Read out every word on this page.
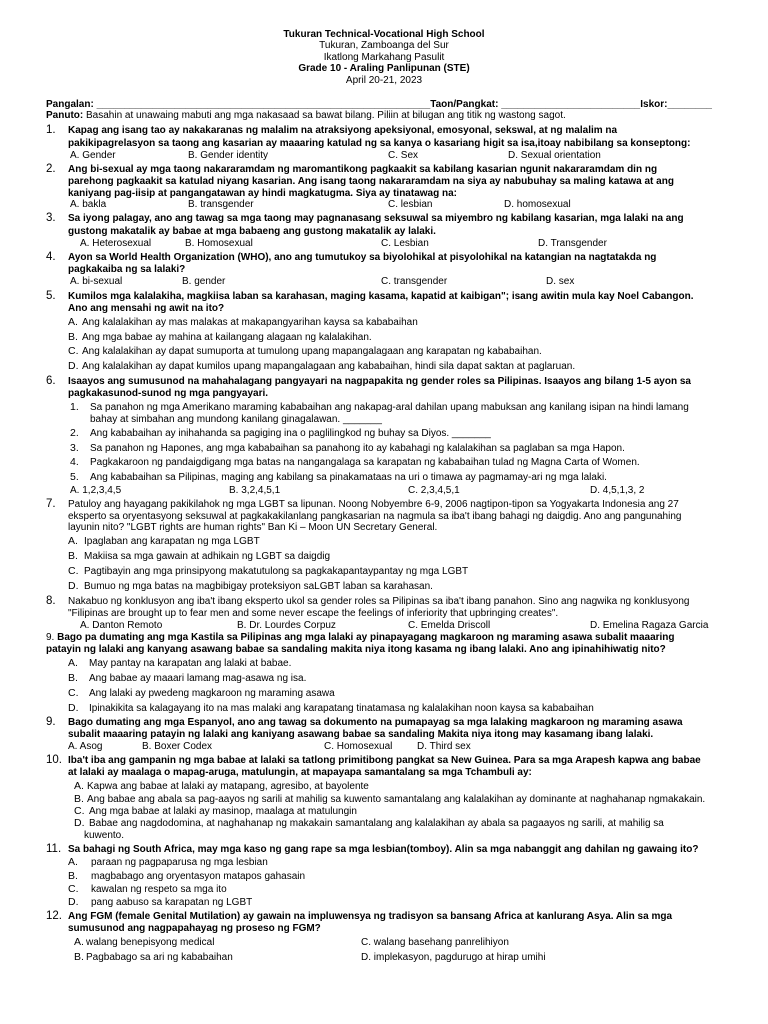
Tukuran Technical-Vocational High School
Tukuran, Zamboanga del Sur
Ikatlong Markahang Pasulit
Grade 10 - Araling Panlipunan (STE)
April 20-21, 2023
Pangalan: ____________________________________________________________Taon/Pangkat: _________________________Iskor:________
Panuto: Basahin at unawaing mabuti ang mga nakasaad sa bawat bilang. Piliin at bilugan ang titik ng wastong sagot.
1. Kapag ang isang tao ay nakakaranas ng malalim na atraksiyong apeksiyonal, emosyonal, sekswal, at ng malalim na
pakikipagrelasyon sa taong ang kasarian ay maaaring katulad ng sa kanya o kasariang higit sa isa,itoay nabibilang sa konseptong:
A. Gender	B. Gender identity	C. Sex	D. Sexual orientation
2. Ang bi-sexual ay mga taong nakararamdam ng maromantikong pagkaakit sa kabilang kasarian ngunit nakararamdam din ng
parehong pagkaakit sa katulad niyang kasarian. Ang isang taong nakararamdam na siya ay nabubuhay sa maling katawa at ang
kaniyang pag-iisip at pangangatawan ay hindi magkatugma. Siya ay tinatawag na:
A. bakla	B. transgender	C. lesbian	D. homosexual
3. Sa iyong palagay, ano ang tawag sa mga taong may pagnanasang seksuwal sa miyembro ng kabilang kasarian, mga lalaki na ang
gustong makatalik ay babae at mga babaeng ang gustong makatalik ay lalaki.
A. Heterosexual	B. Homosexual	C. Lesbian	D. Transgender
4. Ayon sa World Health Organization (WHO), ano ang tumutukoy sa biyolohikal at pisyolohikal na katangian na nagtatakda ng
pagkakaiba ng sa lalaki?
A. bi-sexual	B. gender	C. transgender	D. sex
5. Kumilos mga kalalakiha, magkiisa laban sa karahasan, maging kasama, kapatid at kaibigan"; isang awitin mula kay Noel Cabangon.
Ano ang mensahi ng awit na ito?
A. Ang kalalakihan ay mas malakas at makapangyarihan kaysa sa kababaihan
B. Ang mga babae ay mahina at kailangang alagaan ng kalalakihan.
C. Ang kalalakihan ay dapat sumuporta at tumulong upang mapangalagaan ang karapatan ng kababaihan.
D. Ang kalalakihan ay dapat kumilos upang mapangalagaan ang kababaihan, hindi sila dapat saktan at paglaruan.
6. Isaayos ang sumusunod na mahahalagang pangyayari na nagpapakita ng gender roles sa Pilipinas. Isaayos ang bilang 1-5 ayon sa
pagkakasunod-sunod ng mga pangyayari.
1. Sa panahon ng mga Amerikano maraming kababaihan ang nakapag-aral dahilan upang mabuksan ang kanilang isipan na hindi lamang
bahay at simbahan ang mundong kanilang ginagalawan. _______
2. Ang kababaihan ay inihahanda sa pagiging ina o paglilingkod ng buhay sa Diyos. _______
3. Sa panahon ng Hapones, ang mga kababaihan sa panahong ito ay kabahagi ng kalalakihan sa paglaban sa mga Hapon.
4. Pagkakaroon ng pandaigdigang mga batas na nangangalaga sa karapatan ng kababaihan tulad ng Magna Carta of Women.
5. Ang kababaihan sa Pilipinas, maging ang kabilang sa pinakamataas na uri o timawa ay pagmamay-ari ng mga lalaki.
A. 1,2,3,4,5	B. 3,2,4,5,1	C. 2,3,4,5,1	D. 4,5,1,3, 2
7. Patuloy ang hayagang pakikilahok ng mga LGBT sa lipunan. Noong Nobyembre 6-9, 2006 nagtipon-tipon sa Yogyakarta Indonesia ang 27
eksperto sa oryentasyong seksuwal at pagkakakilanlang pangkasarian na nagmula sa iba't ibang bahagi ng daigdig. Ano ang pangunahing
layunin nito? "LGBT rights are human rights" Ban Ki – Moon UN Secretary General.
A. Ipaglaban ang karapatan ng mga LGBT
B. Makiisa sa mga gawain at adhikain ng LGBT sa daigdig
C. Pagtibayin ang mga prinsipyong makatutulong sa pagkakapantaypantay ng mga LGBT
D. Bumuo ng mga batas na magbibigay proteksiyon saLGBT laban sa karahasan.
8. Nakabuo ng konklusyon ang iba't ibang eksperto ukol sa gender roles sa Pilipinas sa iba't ibang panahon. Sino ang nagwika ng konklusyong
"Filipinas are brought up to fear men and some never escape the feelings of inferiority that upbringing creates".
A. Danton Remoto	B. Dr. Lourdes Corpuz	C. Emelda Driscoll	D. Emelina Ragaza Garcia
9. Bago pa dumating ang mga Kastila sa Pilipinas ang mga lalaki ay pinapayagang magkaroon ng maraming asawa subalit maaaring
patayin ng lalaki ang kanyang asawang babae sa sandaling makita niya itong kasama ng ibang lalaki. Ano ang ipinahihiwatig nito?
A. May pantay na karapatan ang lalaki at babae.
B. Ang babae ay maaari lamang mag-asawa ng isa.
C. Ang lalaki ay pwedeng magkaroon ng maraming asawa
D. Ipinakikita sa kalagayang ito na mas malaki ang karapatang tinatamasa ng kalalakihan noon kaysa sa kababaihan
9. Bago dumating ang mga Espanyol, ano ang tawag sa dokumento na pumapayag sa mga lalaking magkaroon ng maraming asawa
subalit maaaring patayin ng lalaki ang kaniyang asawang babae sa sandaling Makita niya itong may kasamang ibang lalaki.
A. Asog	B. Boxer Codex	C. Homosexual D. Third sex
10. Iba't iba ang gampanin ng mga babae at lalaki sa tatlong primitibong pangkat sa New Guinea. Para sa mga Arapesh kapwa ang babae
at lalaki ay maalaga o mapag-aruga, matulungin, at mapayapa samantalang sa mga Tchambuli ay:
A. Kapwa ang babae at lalaki ay matapang, agresibo, at bayolente
B. Ang babae ang abala sa pag-aayos ng sarili at mahilig sa kuwento samantalang ang kalalakihan ay dominante at naghahanap ngmakakain.
C. Ang mga babae at lalaki ay masinop, maalaga at matulungin
D. Babae ang nagdodomina, at naghahanap ng makakain samantalang ang kalalakihan ay abala sa pagaayos ng sarili, at mahilig sa
kuwento.
11. Sa bahagi ng South Africa, may mga kaso ng gang rape sa mga lesbian(tomboy). Alin sa mga nabanggit ang dahilan ng gawaing ito?
A. paraan ng pagpaparusa ng mga lesbian
B. magbabago ang oryentasyon matapos gahasain
C. kawalan ng respeto sa mga ito
D. pang aabuso sa karapatan ng LGBT
12. Ang FGM (female Genital Mutilation) ay gawain na impluwensya ng tradisyon sa bansang Africa at kanlurang Asya. Alin sa mga
sumusunod ang nagpapahayag ng proseso ng FGM?
A. walang benepisyong medical	C. walang basehang panrelihiyon
B. Pagbabago sa ari ng kababaihan	D. implekasyon, pagdurugo at hirap umihi
